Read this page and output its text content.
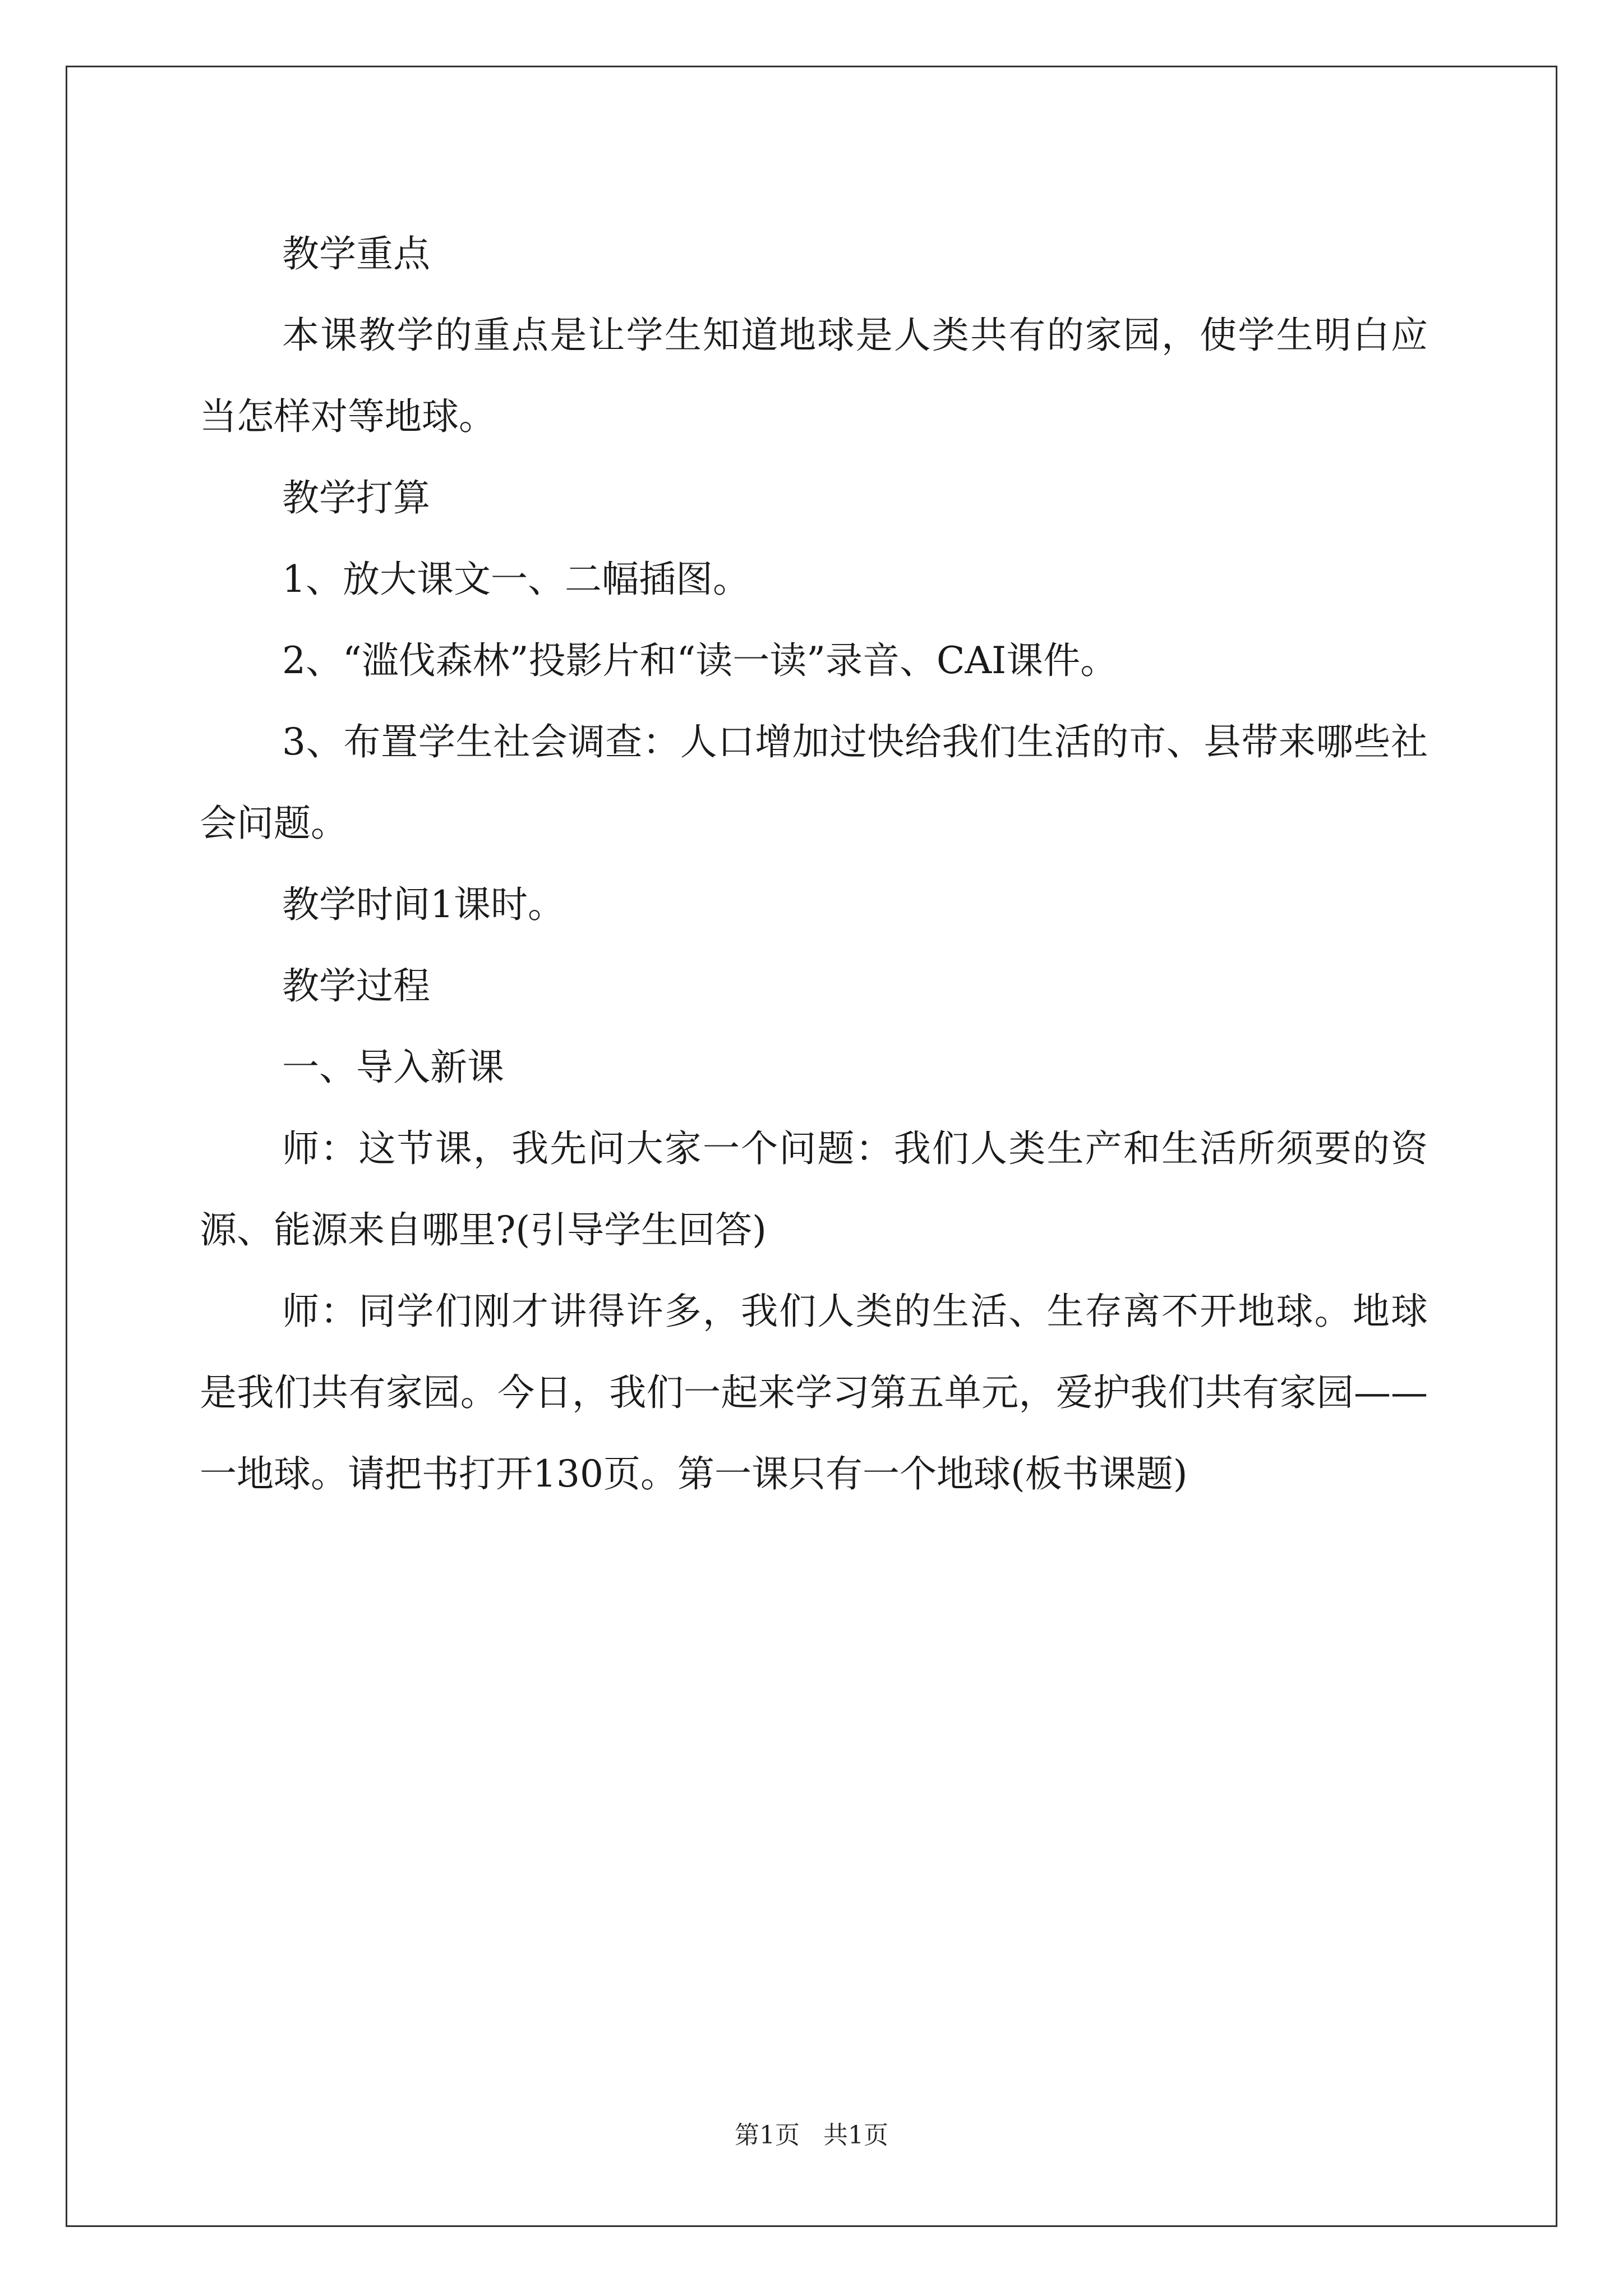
教学重点

本课教学的重点是让学生知道地球是人类共有的家园，使学生明白应当怎样对等地球。

教学打算

1、放大课文一、二幅插图。

2、“滥伐森林”投影片和“读一读”录音、CAI课件。

3、布置学生社会调查：人口增加过快给我们生活的市、县带来哪些社会问题。

教学时间1课时。

教学过程

一、导入新课

师：这节课，我先问大家一个问题：我们人类生产和生活所须要的资源、能源来自哪里?(引导学生回答)

师：同学们刚才讲得许多，我们人类的生活、生存离不开地球。地球是我们共有家园。今日，我们一起来学习第五单元，爱护我们共有家园——一地球。请把书打开130页。第一课只有一个地球(板书课题)

第1页 共1页
